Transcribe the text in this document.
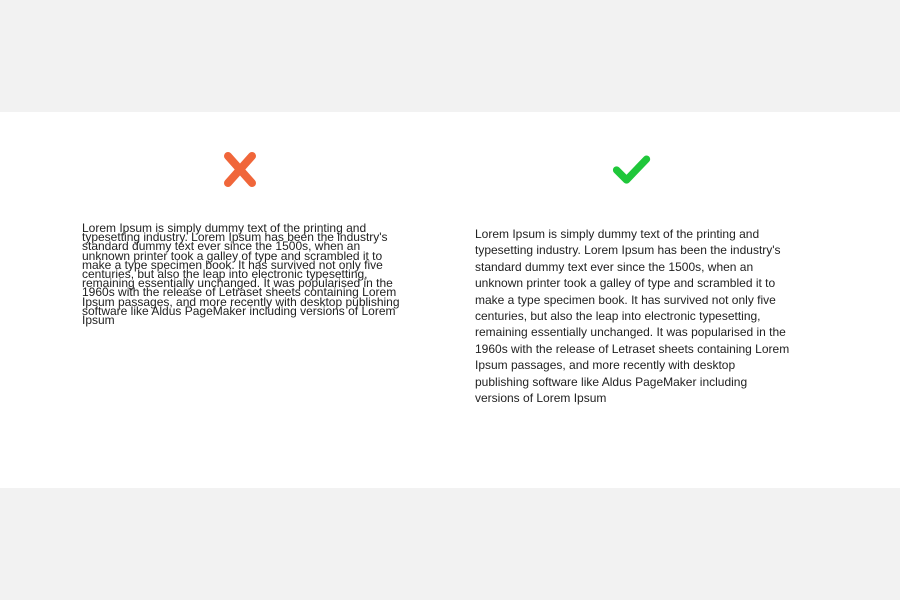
Lorem Ipsum is simply dummy text of the printing and typesetting industry. Lorem Ipsum has been the industry's standard dummy text ever since the 1500s, when an unknown printer took a galley of type and scrambled it to make a type specimen book. It has survived not only five centuries, but also the leap into electronic typesetting, remaining essentially unchanged. It was popularised in the 1960s with the release of Letraset sheets containing Lorem Ipsum passages, and more recently with desktop publishing software like Aldus PageMaker including versions of Lorem Ipsum

Lorem Ipsum is simply dummy text of the printing and typesetting industry. Lorem Ipsum has been the industry's standard dummy text ever since the 1500s, when an unknown printer took a galley of type and scrambled it to make a type specimen book. It has survived not only five centuries, but also the leap into electronic typesetting, remaining essentially unchanged. It was popularised in the 1960s with the release of Letraset sheets containing Lorem Ipsum passages, and more recently with desktop publishing software like Aldus PageMaker including versions of Lorem Ipsum
